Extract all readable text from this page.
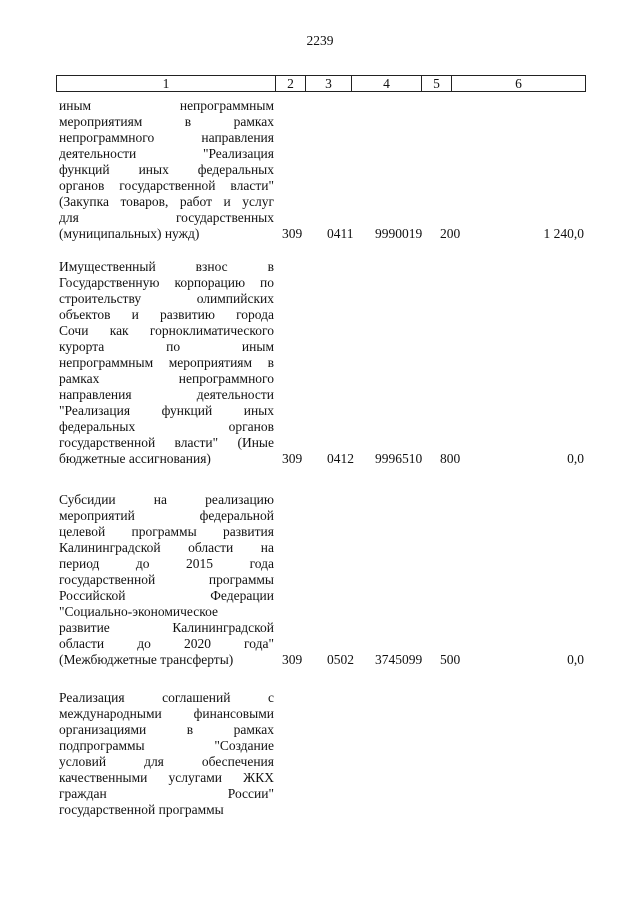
2239
1	2	3	4	5	6
иным непрограммным
мероприятиям в рамках
непрограммного направления
деятельности "Реализация
функций иных федеральных
органов государственной власти"
(Закупка товаров, работ и услуг
для государственных
(муниципальных) нужд)	309 0411 9990019 200	1 240,0
Имущественный взнос в
Государственную корпорацию по
строительству олимпийских
объектов и развитию города
Сочи как горноклиматического
курорта по иным
непрограммным мероприятиям в
рамках непрограммного
направления деятельности
"Реализация функций иных
федеральных органов
государственной власти" (Иные
бюджетные ассигнования)	309 0412 9996510 800	0,0
Субсидии на реализацию
мероприятий федеральной
целевой программы развития
Калининградской области на
период до 2015 года
государственной программы
Российской Федерации
"Социально-экономическое
развитие Калининградской
области до 2020 года"
(Межбюджетные трансферты)	309 0502 3745099 500	0,0
Реализация соглашений с
международными финансовыми
организациями в рамках
подпрограммы "Создание
условий для обеспечения
качественными услугами ЖКХ
граждан России"
государственной программы
